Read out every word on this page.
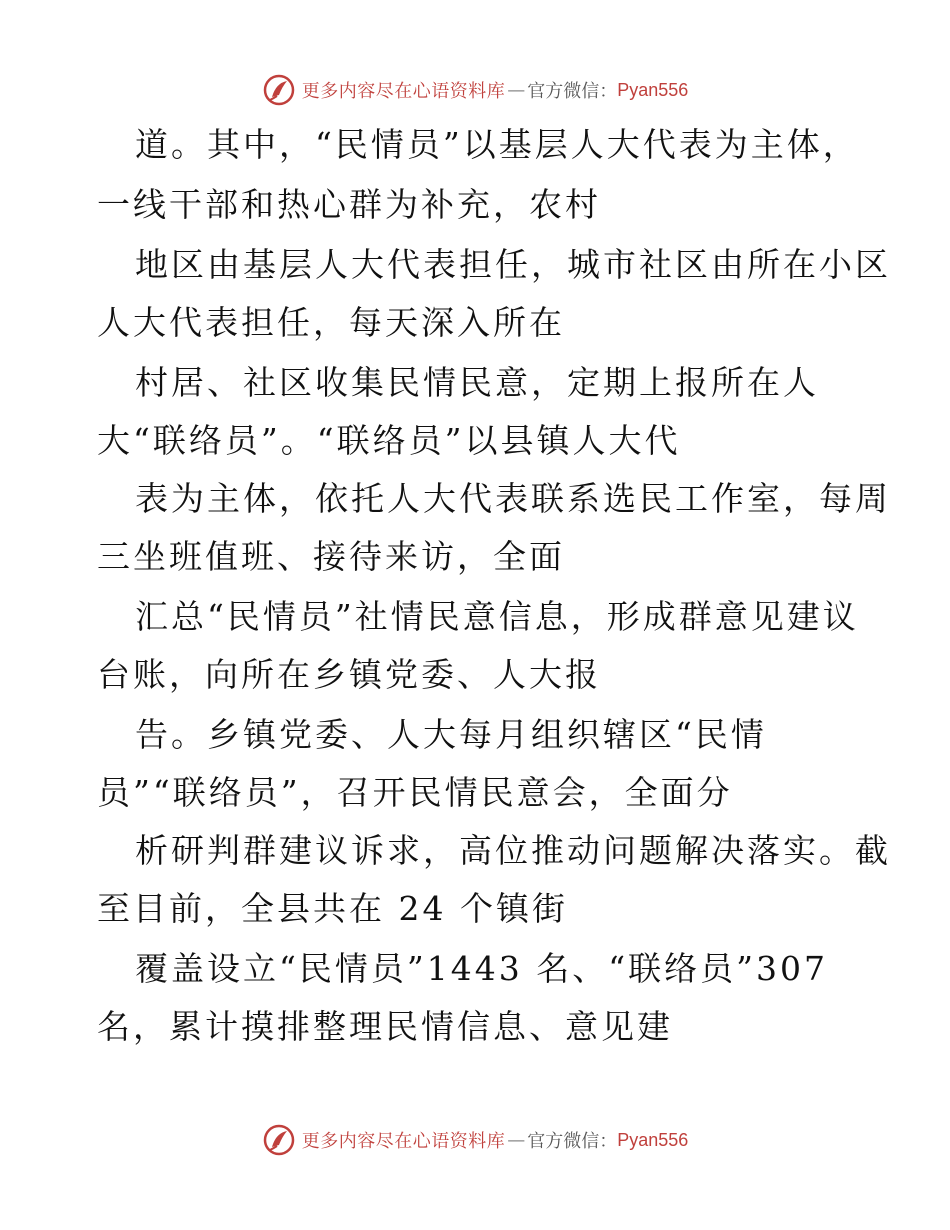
更多内容尽在心语资料库 — 官方微信： Pyan556
道。其中，“民情员”以基层人大代表为主体，
一线干部和热心群为补充，农村
地区由基层人大代表担任，城市社区由所在小区
人大代表担任，每天深入所在
村居、社区收集民情民意，定期上报所在人
大“联络员”。“联络员”以县镇人大代
表为主体，依托人大代表联系选民工作室，每周
三坐班值班、接待来访，全面
汇总“民情员”社情民意信息，形成群意见建议
台账，向所在乡镇党委、人大报
告。乡镇党委、人大每月组织辖区“民情
员”“联络员”，召开民情民意会，全面分
析研判群建议诉求，高位推动问题解决落实。截
至目前，全县共在 24 个镇街
覆盖设立“民情员”1443 名、“联络员”307
名，累计摸排整理民情信息、意见建
更多内容尽在心语资料库 — 官方微信： Pyan556
